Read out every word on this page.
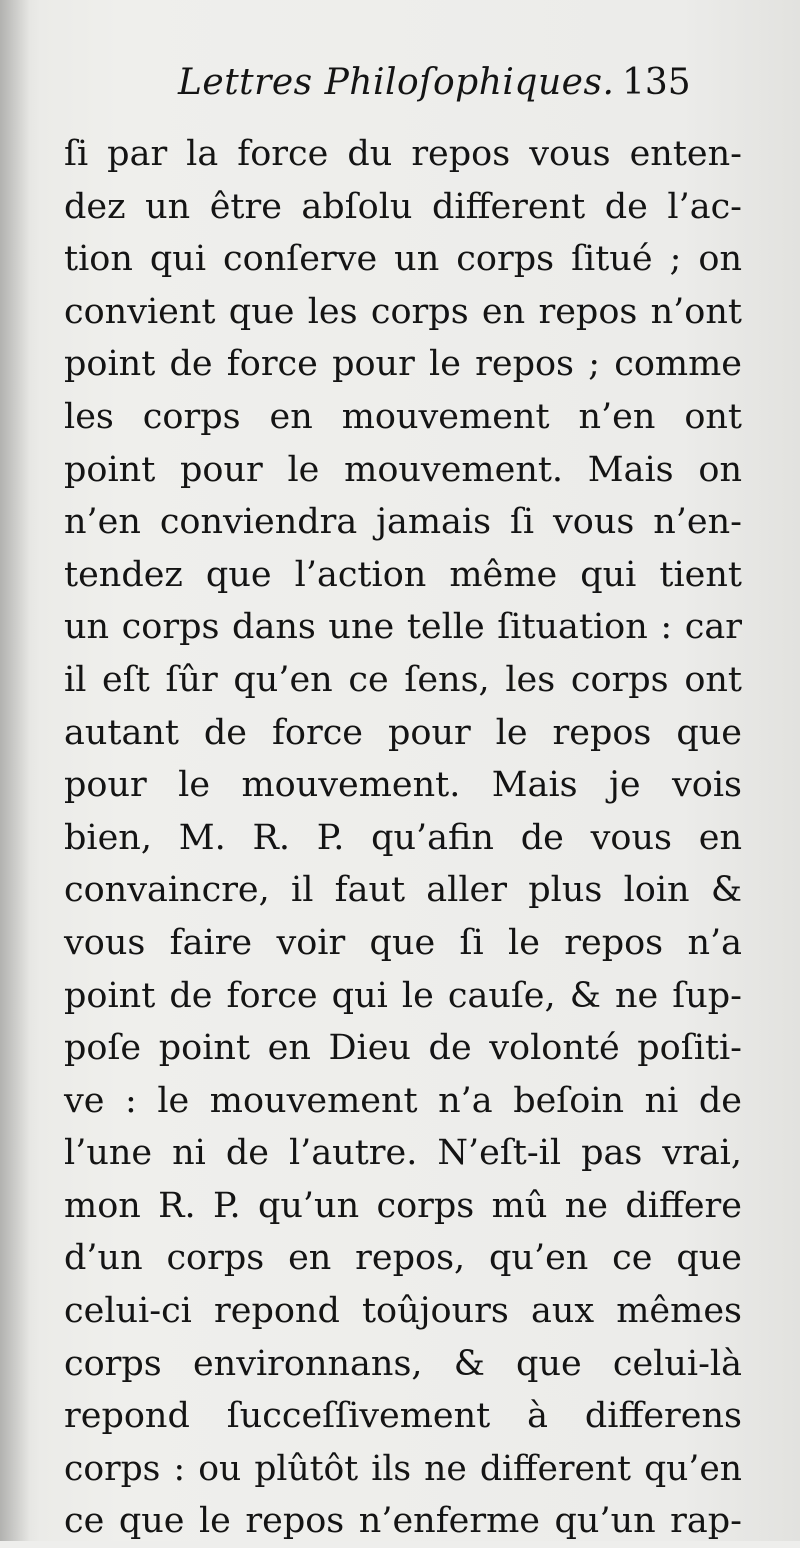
Lettres Philoſophiques. 135
ſi par la force du repos vous enten-
dez un être abſolu different de l’ac-
tion qui conſerve un corps ſitué ; on
convient que les corps en repos n’ont
point de force pour le repos ; comme
les corps en mouvement n’en ont
point pour le mouvement. Mais on
n’en conviendra jamais ſi vous n’en-
tendez que l’action même qui tient
un corps dans une telle ſituation : car
il eſt ſûr qu’en ce ſens, les corps ont
autant de force pour le repos que
pour le mouvement. Mais je vois
bien, M. R. P. qu’afin de vous en
convaincre, il faut aller plus loin &
vous faire voir que ſi le repos n’a
point de force qui le cauſe, & ne ſup-
poſe point en Dieu de volonté poſiti-
ve : le mouvement n’a beſoin ni de
l’une ni de l’autre. N’eſt-il pas vrai,
mon R. P. qu’un corps mû ne differe
d’un corps en repos, qu’en ce que
celui-ci repond toûjours aux mêmes
corps environnans, & que celui-là
repond ſucceſſivement à differens
corps : ou plûtôt ils ne different qu’en
ce que le repos n’enferme qu’un rap-
